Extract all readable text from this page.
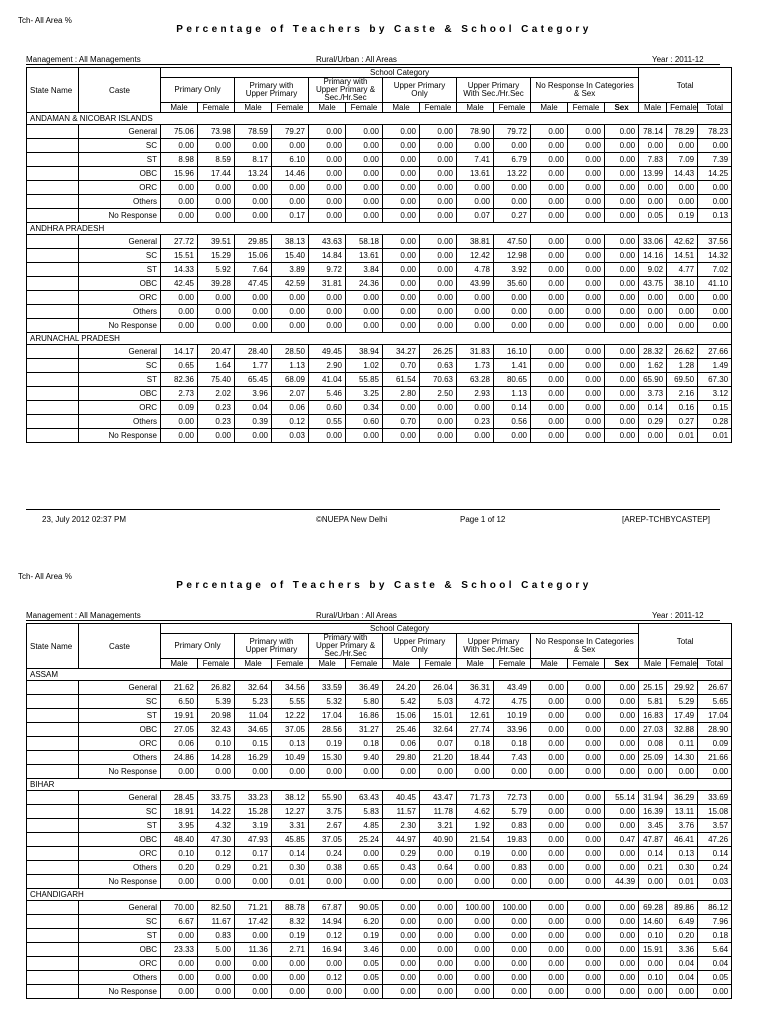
Tch- All Area %
Percentage of Teachers by Caste & School Category
Management : All Managements	Rural/Urban : All Areas	Year : 2011-12
State Name	Caste	School Category													Total		
		Primary Only		Primary with Upper Primary		Primary with Upper Primary & Sec./Hr.Sec		Upper Primary Only		Upper Primary With Sec./Hr.Sec		No Response In Categories & Sex					
		Male	Female	Male	Female	Male	Female	Male	Female	Male	Female	Male	Female	Sex	Male	Female	Total
ANDAMAN & NICOBAR ISLANDS																	
	General	75.06	73.98	78.59	79.27	0.00	0.00	0.00	0.00	78.90	79.72	0.00	0.00	0.00	78.14	78.29	78.23
	SC	0.00	0.00	0.00	0.00	0.00	0.00	0.00	0.00	0.00	0.00	0.00	0.00	0.00	0.00	0.00	0.00
	ST	8.98	8.59	8.17	6.10	0.00	0.00	0.00	0.00	7.41	6.79	0.00	0.00	0.00	7.83	7.09	7.39
	OBC	15.96	17.44	13.24	14.46	0.00	0.00	0.00	0.00	13.61	13.22	0.00	0.00	0.00	13.99	14.43	14.25
	ORC	0.00	0.00	0.00	0.00	0.00	0.00	0.00	0.00	0.00	0.00	0.00	0.00	0.00	0.00	0.00	0.00
	Others	0.00	0.00	0.00	0.00	0.00	0.00	0.00	0.00	0.00	0.00	0.00	0.00	0.00	0.00	0.00	0.00
	No Response	0.00	0.00	0.00	0.17	0.00	0.00	0.00	0.00	0.07	0.27	0.00	0.00	0.00	0.05	0.19	0.13
ANDHRA PRADESH																	
	General	27.72	39.51	29.85	38.13	43.63	58.18	0.00	0.00	38.81	47.50	0.00	0.00	0.00	33.06	42.62	37.56
	SC	15.51	15.29	15.06	15.40	14.84	13.61	0.00	0.00	12.42	12.98	0.00	0.00	0.00	14.16	14.51	14.32
	ST	14.33	5.92	7.64	3.89	9.72	3.84	0.00	0.00	4.78	3.92	0.00	0.00	0.00	9.02	4.77	7.02
	OBC	42.45	39.28	47.45	42.59	31.81	24.36	0.00	0.00	43.99	35.60	0.00	0.00	0.00	43.75	38.10	41.10
	ORC	0.00	0.00	0.00	0.00	0.00	0.00	0.00	0.00	0.00	0.00	0.00	0.00	0.00	0.00	0.00	0.00
	Others	0.00	0.00	0.00	0.00	0.00	0.00	0.00	0.00	0.00	0.00	0.00	0.00	0.00	0.00	0.00	0.00
	No Response	0.00	0.00	0.00	0.00	0.00	0.00	0.00	0.00	0.00	0.00	0.00	0.00	0.00	0.00	0.00	0.00
ARUNACHAL PRADESH																	
	General	14.17	20.47	28.40	28.50	49.45	38.94	34.27	26.25	31.83	16.10	0.00	0.00	0.00	28.32	26.62	27.66
	SC	0.65	1.64	1.77	1.13	2.90	1.02	0.70	0.63	1.73	1.41	0.00	0.00	0.00	1.62	1.28	1.49
	ST	82.36	75.40	65.45	68.09	41.04	55.85	61.54	70.63	63.28	80.65	0.00	0.00	0.00	65.90	69.50	67.30
	OBC	2.73	2.02	3.96	2.07	5.46	3.25	2.80	2.50	2.93	1.13	0.00	0.00	0.00	3.73	2.16	3.12
	ORC	0.09	0.23	0.04	0.06	0.60	0.34	0.00	0.00	0.00	0.14	0.00	0.00	0.00	0.14	0.16	0.15
	Others	0.00	0.23	0.39	0.12	0.55	0.60	0.70	0.00	0.23	0.56	0.00	0.00	0.00	0.29	0.27	0.28
	No Response	0.00	0.00	0.00	0.03	0.00	0.00	0.00	0.00	0.00	0.00	0.00	0.00	0.00	0.00	0.01	0.01
23, July 2012 02:37 PM	©NUEPA New Delhi	Page 1 of 12	[AREP-TCHBYCASTEP]
Tch- All Area %
Percentage of Teachers by Caste & School Category
Management : All Managements	Rural/Urban : All Areas	Year : 2011-12
State Name	Caste	School Category													Total		
		Primary Only		Primary with Upper Primary		Primary with Upper Primary & Sec./Hr.Sec		Upper Primary Only		Upper Primary With Sec./Hr.Sec		No Response In Categories & Sex					
		Male	Female	Male	Female	Male	Female	Male	Female	Male	Female	Male	Female	Sex	Male	Female	Total
ASSAM																	
	General	21.62	26.82	32.64	34.56	33.59	36.49	24.20	26.04	36.31	43.49	0.00	0.00	0.00	25.15	29.92	26.67
	SC	6.50	5.39	5.23	5.55	5.32	5.80	5.42	5.03	4.72	4.75	0.00	0.00	0.00	5.81	5.29	5.65
	ST	19.91	20.98	11.04	12.22	17.04	16.86	15.06	15.01	12.61	10.19	0.00	0.00	0.00	16.83	17.49	17.04
	OBC	27.05	32.43	34.65	37.05	28.56	31.27	25.46	32.64	27.74	33.96	0.00	0.00	0.00	27.03	32.88	28.90
	ORC	0.06	0.10	0.15	0.13	0.19	0.18	0.06	0.07	0.18	0.18	0.00	0.00	0.00	0.08	0.11	0.09
	Others	24.86	14.28	16.29	10.49	15.30	9.40	29.80	21.20	18.44	7.43	0.00	0.00	0.00	25.09	14.30	21.66
	No Response	0.00	0.00	0.00	0.00	0.00	0.00	0.00	0.00	0.00	0.00	0.00	0.00	0.00	0.00	0.00	0.00
BIHAR																	
	General	28.45	33.75	33.23	38.12	55.90	63.43	40.45	43.47	71.73	72.73	0.00	0.00	55.14	31.94	36.29	33.69
	SC	18.91	14.22	15.28	12.27	3.75	5.83	11.57	11.78	4.62	5.79	0.00	0.00	0.00	16.39	13.11	15.08
	ST	3.95	4.32	3.19	3.31	2.67	4.85	2.30	3.21	1.92	0.83	0.00	0.00	0.00	3.45	3.76	3.57
	OBC	48.40	47.30	47.93	45.85	37.05	25.24	44.97	40.90	21.54	19.83	0.00	0.00	0.47	47.87	46.41	47.26
	ORC	0.10	0.12	0.17	0.14	0.24	0.00	0.29	0.00	0.19	0.00	0.00	0.00	0.00	0.14	0.13	0.14
	Others	0.20	0.29	0.21	0.30	0.38	0.65	0.43	0.64	0.00	0.83	0.00	0.00	0.00	0.21	0.30	0.24
	No Response	0.00	0.00	0.00	0.01	0.00	0.00	0.00	0.00	0.00	0.00	0.00	0.00	44.39	0.00	0.01	0.03
CHANDIGARH																	
	General	70.00	82.50	71.21	88.78	67.87	90.05	0.00	0.00	100.00	100.00	0.00	0.00	0.00	69.28	89.86	86.12
	SC	6.67	11.67	17.42	8.32	14.94	6.20	0.00	0.00	0.00	0.00	0.00	0.00	0.00	14.60	6.49	7.96
	ST	0.00	0.83	0.00	0.19	0.12	0.19	0.00	0.00	0.00	0.00	0.00	0.00	0.00	0.10	0.20	0.18
	OBC	23.33	5.00	11.36	2.71	16.94	3.46	0.00	0.00	0.00	0.00	0.00	0.00	0.00	15.91	3.36	5.64
	ORC	0.00	0.00	0.00	0.00	0.00	0.05	0.00	0.00	0.00	0.00	0.00	0.00	0.00	0.00	0.04	0.04
	Others	0.00	0.00	0.00	0.00	0.12	0.05	0.00	0.00	0.00	0.00	0.00	0.00	0.00	0.10	0.04	0.05
	No Response	0.00	0.00	0.00	0.00	0.00	0.00	0.00	0.00	0.00	0.00	0.00	0.00	0.00	0.00	0.00	0.00
